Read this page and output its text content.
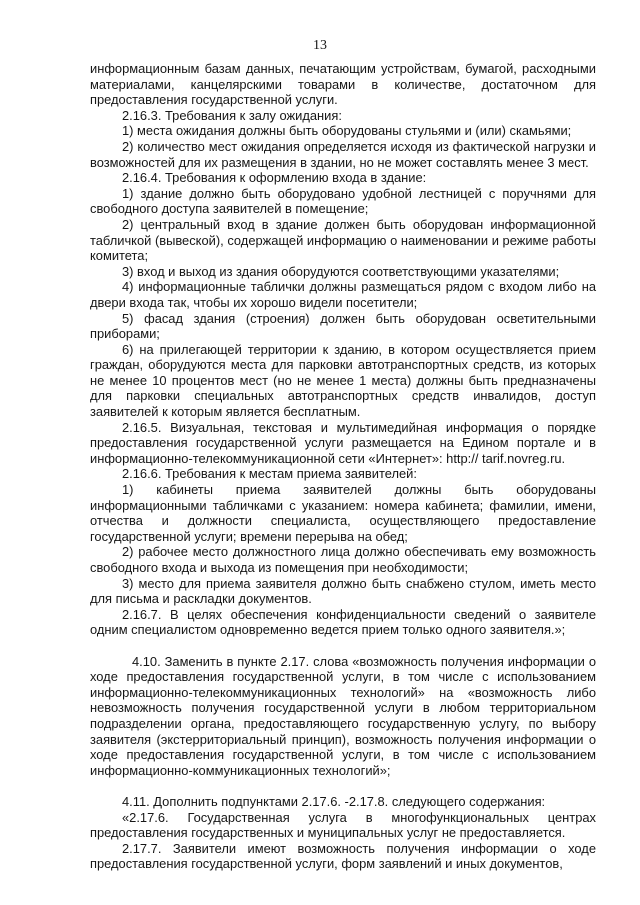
13

информационным базам данных, печатающим устройствам, бумагой, расходными материалами, канцелярскими товарами в количестве, достаточном для предоставления государственной услуги.

2.16.3. Требования к залу ожидания:

1) места ожидания должны быть оборудованы стульями и (или) скамьями;

2) количество мест ожидания определяется исходя из фактической нагрузки и возможностей для их размещения в здании, но не может составлять менее 3 мест.

2.16.4. Требования к оформлению входа в здание:

1) здание должно быть оборудовано удобной лестницей с поручнями для свободного доступа заявителей в помещение;

2) центральный вход в здание должен быть оборудован информационной табличкой (вывеской), содержащей информацию о наименовании и режиме работы комитета;

3) вход и выход из здания оборудуются соответствующими указателями;

4) информационные таблички должны размещаться рядом с входом либо на двери входа так, чтобы их хорошо видели посетители;

5) фасад здания (строения) должен быть оборудован осветительными приборами;

6) на прилегающей территории к зданию, в котором осуществляется прием граждан, оборудуются места для парковки автотранспортных средств, из которых не менее 10 процентов мест (но не менее 1 места) должны быть предназначены для парковки специальных автотранспортных средств инвалидов, доступ заявителей к которым является бесплатным.

2.16.5. Визуальная, текстовая и мультимедийная информация о порядке предоставления государственной услуги размещается на Едином портале и в информационно-телекоммуникационной сети «Интернет»: http:// tarif.novreg.ru.

2.16.6. Требования к местам приема заявителей:

1) кабинеты приема заявителей должны быть оборудованы информационными табличками с указанием: номера кабинета; фамилии, имени, отчества и должности специалиста, осуществляющего предоставление государственной услуги; времени перерыва на обед;

2) рабочее место должностного лица должно обеспечивать ему возможность свободного входа и выхода из помещения при необходимости;

3) место для приема заявителя должно быть снабжено стулом, иметь место для письма и раскладки документов.

2.16.7. В целях обеспечения конфиденциальности сведений о заявителе одним специалистом одновременно ведется прием только одного заявителя.»;

4.10. Заменить в пункте 2.17. слова «возможность получения информации о ходе предоставления государственной услуги, в том числе с использованием информационно-телекоммуникационных технологий» на «возможность либо невозможность получения государственной услуги в любом территориальном подразделении органа, предоставляющего государственную услугу, по выбору заявителя (экстерриториальный принцип), возможность получения информации о ходе предоставления государственной услуги, в том числе с использованием информационно-коммуникационных технологий»;

4.11. Дополнить подпунктами 2.17.6. -2.17.8. следующего содержания:

«2.17.6. Государственная услуга в многофункциональных центрах предоставления государственных и муниципальных услуг не предоставляется.

2.17.7. Заявители имеют возможность получения информации о ходе предоставления государственной услуги, форм заявлений и иных документов,
